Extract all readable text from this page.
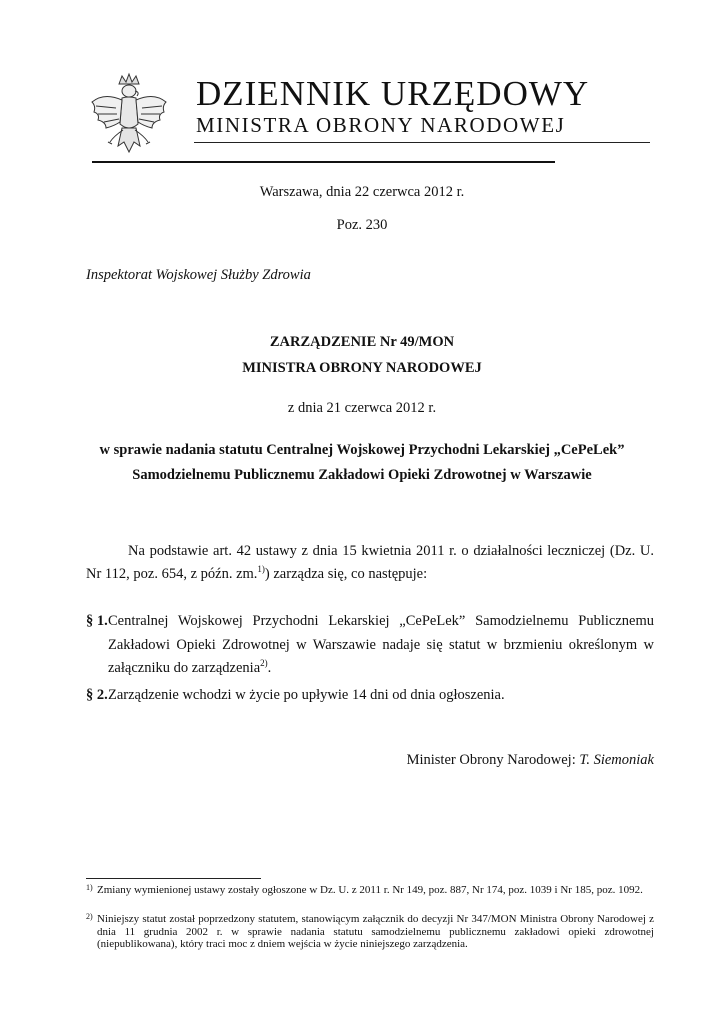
DZIENNIK URZĘDOWY
MINISTRA OBRONY NARODOWEJ
Warszawa, dnia 22 czerwca 2012 r.
Poz. 230
Inspektorat Wojskowej Służby Zdrowia
ZARZĄDZENIE Nr 49/MON
MINISTRA OBRONY NARODOWEJ
z dnia 21 czerwca 2012 r.
w sprawie nadania statutu Centralnej Wojskowej Przychodni Lekarskiej „CePeLek”
Samodzielnemu Publicznemu Zakładowi Opieki Zdrowotnej w Warszawie
Na podstawie art. 42 ustawy z dnia 15 kwietnia 2011 r. o działalności leczniczej (Dz. U. Nr 112, poz. 654, z późn. zm.$^{1)}$) zarządza się, co następuje:
§ 1. Centralnej Wojskowej Przychodni Lekarskiej „CePeLek” Samodzielnemu Publicznemu Zakładowi Opieki Zdrowotnej w Warszawie nadaje się statut w brzmieniu określonym w załączniku do zarządzenia$^{2)}$.
§ 2. Zarządzenie wchodzi w życie po upływie 14 dni od dnia ogłoszenia.
Minister Obrony Narodowej: T. Siemoniak
1) Zmiany wymienionej ustawy zostały ogłoszone w Dz. U. z 2011 r. Nr 149, poz. 887, Nr 174, poz. 1039 i Nr 185, poz. 1092.
2) Niniejszy statut został poprzedzony statutem, stanowiącym załącznik do decyzji Nr 347/MON Ministra Obrony Narodowej z dnia 11 grudnia 2002 r. w sprawie nadania statutu samodzielnemu publicznemu zakładowi opieki zdrowotnej (niepublikowana), który traci moc z dniem wejścia w życie niniejszego zarządzenia.
